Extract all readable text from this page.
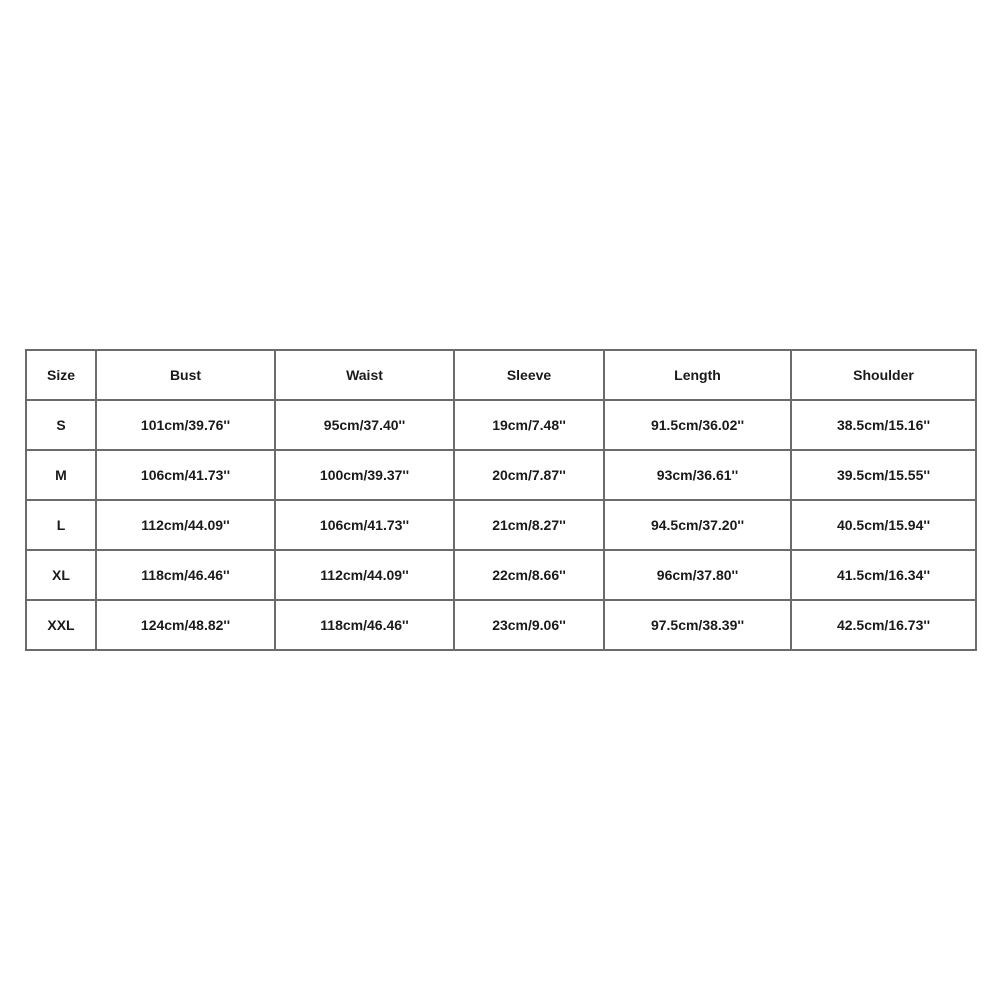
Size	Bust	Waist	Sleeve	Length	Shoulder
S	101cm/39.76''	95cm/37.40''	19cm/7.48''	91.5cm/36.02''	38.5cm/15.16''
M	106cm/41.73''	100cm/39.37''	20cm/7.87''	93cm/36.61''	39.5cm/15.55''
L	112cm/44.09''	106cm/41.73''	21cm/8.27''	94.5cm/37.20''	40.5cm/15.94''
XL	118cm/46.46''	112cm/44.09''	22cm/8.66''	96cm/37.80''	41.5cm/16.34''
XXL	124cm/48.82''	118cm/46.46''	23cm/9.06''	97.5cm/38.39''	42.5cm/16.73''
